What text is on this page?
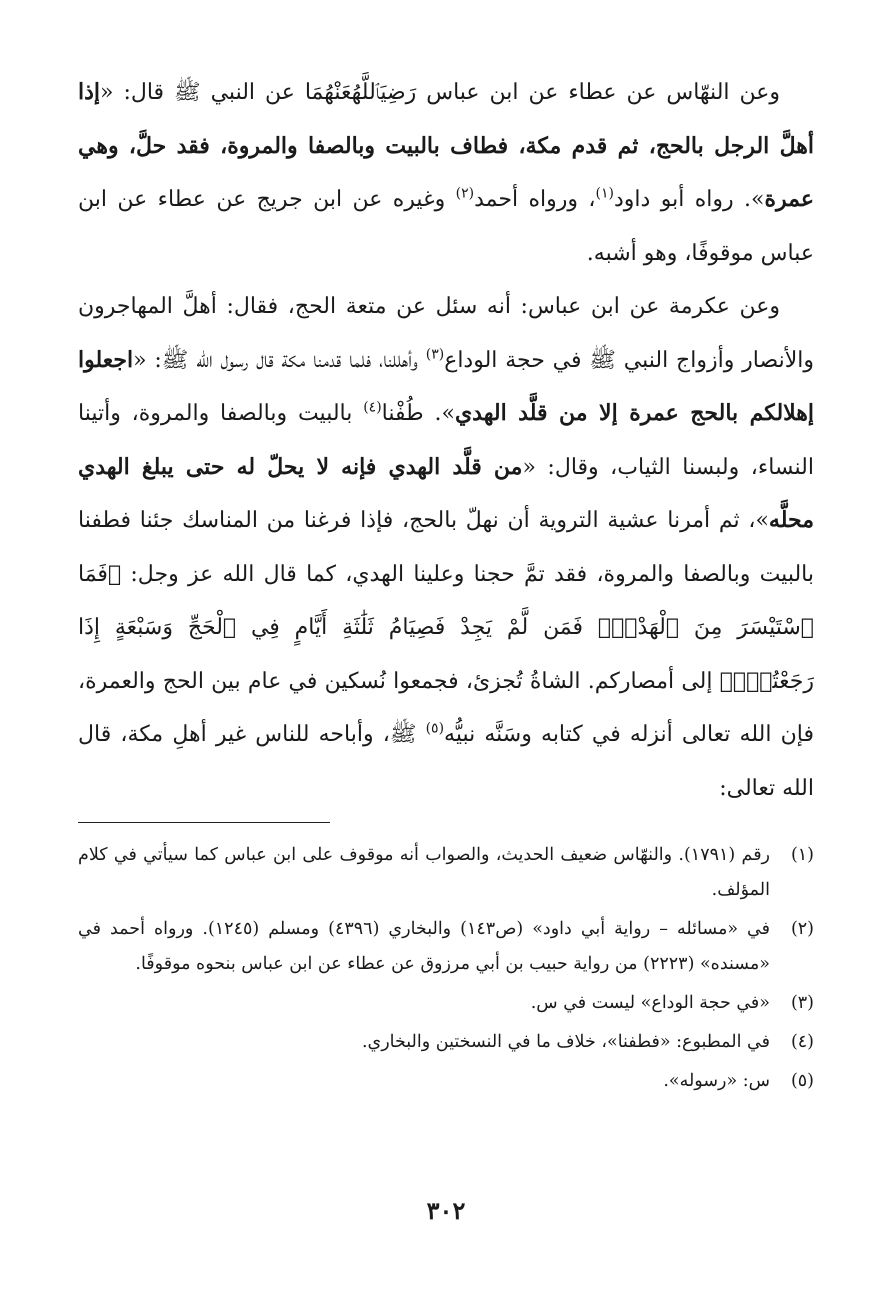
وعن النهّاس عن عطاء عن ابن عباس رَضِيَٱللَّهُعَنْهُمَا عن النبي ﷺ قال: «إذا أهلَّ الرجل بالحج، ثم قدم مكة، فطاف بالبيت وبالصفا والمروة، فقد حلَّ، وهي عمرة». رواه أبو داود$^{(١)}$، ورواه أحمد$^{(٢)}$ وغيره عن ابن جريج عن عطاء عن ابن عباس موقوفًا، وهو أشبه.

وعن عكرمة عن ابن عباس: أنه سئل عن متعة الحج، فقال: أهلَّ المهاجرون والأنصار وأزواج النبي ﷺ في حجة الوداع$^{(٣)}$ وأهللنا، فلما قدمنا مكة قال رسول الله ﷺ: «اجعلوا إهلالكم بالحج عمرة إلا من قلَّد الهدي». طُفْنا$^{(٤)}$ بالبيت وبالصفا والمروة، وأتينا النساء، ولبسنا الثياب، وقال: «من قلَّد الهدي فإنه لا يحلّ له حتى يبلغ الهدي محلَّه»، ثم أمرنا عشية التروية أن نهلّ بالحج، فإذا فرغنا من المناسك جئنا فطفنا بالبيت وبالصفا والمروة، فقد تمَّ حجنا وعلينا الهدي، كما قال الله عز وجل: ﴿فَمَا ٱسْتَيْسَرَ مِنَ ٱلْهَدْيِۚ فَمَن لَّمْ يَجِدْ فَصِيَامُ ثَلَٰثَةِ أَيَّامٍ فِي ٱلْحَجِّ وَسَبْعَةٍ إِذَا رَجَعْتُمْۗ﴾ إلى أمصاركم. الشاةُ تُجزئ، فجمعوا نُسكين في عام بين الحج والعمرة، فإن الله تعالى أنزله في كتابه وسَنَّه نبيُّه$^{(٥)}$ ﷺ، وأباحه للناس غير أهلِ مكة، قال الله تعالى:

(١)
رقم (١٧٩١). والنهّاس ضعيف الحديث، والصواب أنه موقوف على ابن عباس كما سيأتي في كلام المؤلف.
(٢)
في «مسائله – رواية أبي داود» (ص١٤٣) والبخاري (٤٣٩٦) ومسلم (١٢٤٥). ورواه أحمد في «مسنده» (٢٢٢٣) من رواية حبيب بن أبي مرزوق عن عطاء عن ابن عباس بنحوه موقوفًا.
(٣)
«في حجة الوداع» ليست في س.
(٤)
في المطبوع: «فطفنا»، خلاف ما في النسختين والبخاري.
(٥)
س: «رسوله».
٣٠٢
